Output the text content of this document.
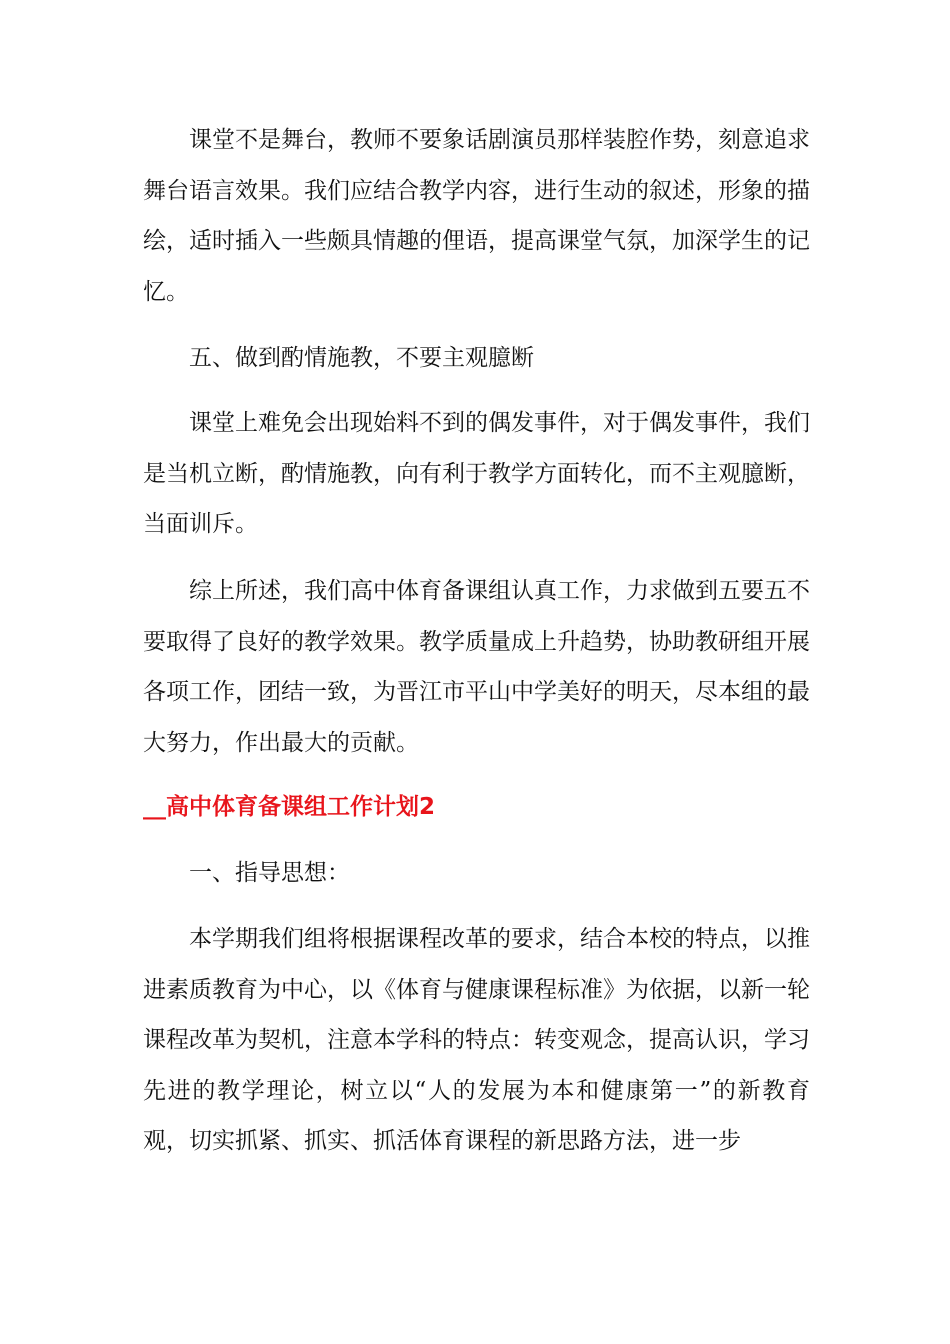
课堂不是舞台，教师不要象话剧演员那样装腔作势，刻意追求舞台语言效果。我们应结合教学内容，进行生动的叙述，形象的描绘，适时插入一些颇具情趣的俚语，提高课堂气氛，加深学生的记忆。

五、做到酌情施教，不要主观臆断

课堂上难免会出现始料不到的偶发事件，对于偶发事件，我们是当机立断，酌情施教，向有利于教学方面转化，而不主观臆断，当面训斥。

综上所述，我们高中体育备课组认真工作，力求做到五要五不要取得了良好的教学效果。教学质量成上升趋势，协助教研组开展各项工作，团结一致，为晋江市平山中学美好的明天，尽本组的最大努力，作出最大的贡献。

__高中体育备课组工作计划2

一、指导思想：

本学期我们组将根据课程改革的要求，结合本校的特点，以推进素质教育为中心，以《体育与健康课程标准》为依据，以新一轮课程改革为契机，注意本学科的特点：转变观念，提高认识，学习先进的教学理论，树立以“人的发展为本和健康第一”的新教育观，切实抓紧、抓实、抓活体育课程的新思路方法，进一步
